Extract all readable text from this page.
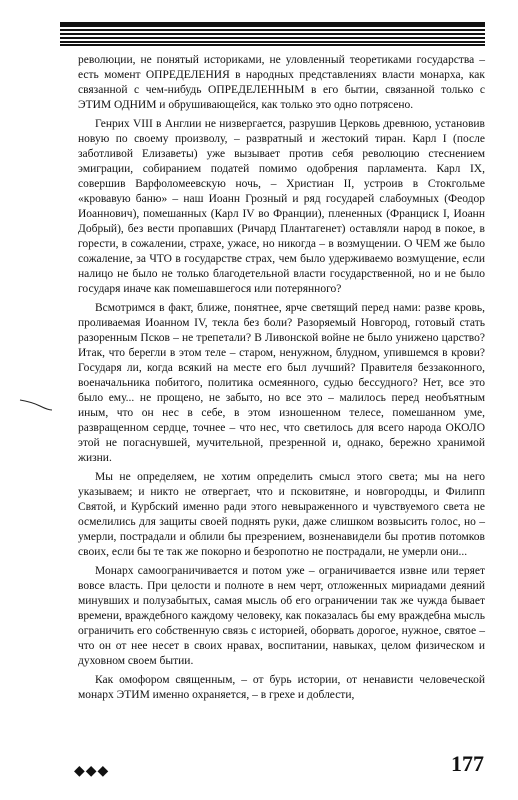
революции, не понятый историками, не уловленный теоретиками государства – есть момент ОПРЕДЕЛЕНИЯ в народных представлениях власти монарха, как связанной с чем-нибудь ОПРЕДЕЛЕННЫМ в его бытии, связанной только с ЭТИМ ОДНИМ и обрушивающейся, как только это одно потрясено.

Генрих VIII в Англии не низвергается, разрушив Церковь древнюю, установив новую по своему произволу, – развратный и жестокий тиран. Карл I (после заботливой Елизаветы) уже вызывает против себя революцию стеснением эмиграции, собиранием податей помимо одобрения парламента. Карл IX, совершив Варфоломеевскую ночь, – Христиан II, устроив в Стокгольме «кровавую баню» – наш Иоанн Грозный и ряд государей слабоумных (Феодор Иоаннович), помешанных (Карл IV во Франции), плененных (Франциск I, Иоанн Добрый), без вести пропавших (Ричард Плантагенет) оставляли народ в покое, в горести, в сожалении, страхе, ужасе, но никогда – в возмущении. О ЧЕМ же было сожаление, за ЧТО в государстве страх, чем было удерживаемо возмущение, если налицо не было не только благодетельной власти государственной, но и не было государя иначе как помешавшегося или потерянного?

Всмотримся в факт, ближе, понятнее, ярче светящий перед нами: разве кровь, проливаемая Иоанном IV, текла без боли? Разоряемый Новгород, готовый стать разоренным Псков – не трепетали? В Ливонской войне не было унижено царство? Итак, что берегли в этом теле – старом, ненужном, блудном, упившемся в крови? Государя ли, когда всякий на месте его был лучший? Правителя беззаконного, военачальника побитого, политика осмеянного, судью бессудного? Нет, все это было ему... не прощено, не забыто, но все это – малилось перед необъятным иным, что он нес в себе, в этом изношенном телесе, помешанном уме, развращенном сердце, точнее – что нес, что светилось для всего народа ОКОЛО этой не погаснувшей, мучительной, презренной и, однако, бережно хранимой жизни.

Мы не определяем, не хотим определить смысл этого света; мы на него указываем; и никто не отвергает, что и псковитяне, и новгородцы, и Филипп Святой, и Курбский именно ради этого невыраженного и чувствуемого света не осмелились для защиты своей поднять руки, даже слишком возвысить голос, но – умерли, пострадали и облили бы презрением, возненавидели бы против потомков своих, если бы те так же покорно и безропотно не пострадали, не умерли они...

Монарх самоограничивается и потом уже – ограничивается извне или теряет вовсе власть. При целости и полноте в нем черт, отложенных мириадами деяний минувших и полузабытых, самая мысль об его ограничении так же чужда бывает времени, враждебного каждому человеку, как показалась бы ему враждебна мысль ограничить его собственную связь с историей, оборвать дорогое, нужное, святое – что он от нее несет в своих нравах, воспитании, навыках, целом физическом и духовном своем бытии.

Как омофором священным, – от бурь истории, от ненависти человеческой монарх ЭТИМ именно охраняется, – в грехе и доблести,

◆◆◆	177
